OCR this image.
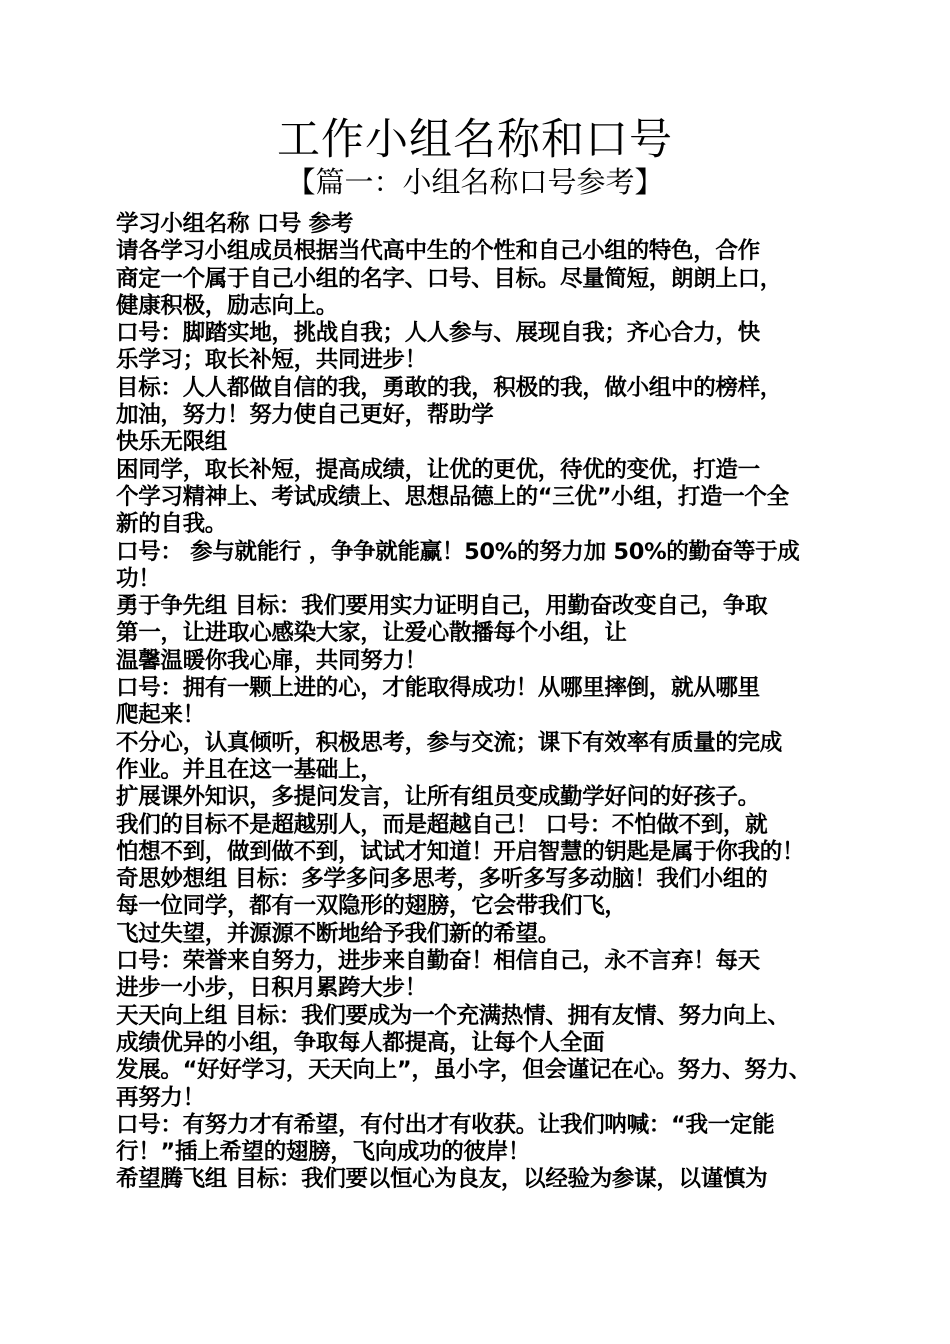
工作小组名称和口号
【篇一：小组名称口号参考】
学习小组名称 口号 参考
请各学习小组成员根据当代高中生的个性和自己小组的特色，合作
商定一个属于自己小组的名字、口号、目标。尽量简短，朗朗上口，
健康积极，励志向上。
口号：脚踏实地，挑战自我；人人参与、展现自我；齐心合力，快
乐学习；取长补短，共同进步！
目标：人人都做自信的我，勇敢的我，积极的我，做小组中的榜样，
加油，努力！努力使自己更好，帮助学
快乐无限组
困同学，取长补短，提高成绩，让优的更优，待优的变优，打造一
个学习精神上、考试成绩上、思想品德上的“三优”小组，打造一个全
新的自我。
口号： 参与就能行 ，争争就能赢！50%的努力加 50%的勤奋等于成
功！
勇于争先组 目标：我们要用实力证明自己，用勤奋改变自己，争取
第一，让进取心感染大家，让爱心散播每个小组，让
温馨温暖你我心扉，共同努力！
口号：拥有一颗上进的心，才能取得成功！从哪里摔倒，就从哪里
爬起来！
不分心，认真倾听，积极思考，参与交流；课下有效率有质量的完成
作业。并且在这一基础上，
扩展课外知识，多提问发言，让所有组员变成勤学好问的好孩子。
我们的目标不是超越别人，而是超越自己！ 口号：不怕做不到，就
怕想不到，做到做不到，试试才知道！开启智慧的钥匙是属于你我的！
奇思妙想组 目标：多学多问多思考，多听多写多动脑！我们小组的
每一位同学，都有一双隐形的翅膀，它会带我们飞，
飞过失望，并源源不断地给予我们新的希望。
口号：荣誉来自努力，进步来自勤奋！相信自己，永不言弃！每天
进步一小步，日积月累跨大步！
天天向上组 目标：我们要成为一个充满热情、拥有友情、努力向上、
成绩优异的小组，争取每人都提高，让每个人全面
发展。“好好学习，天天向上”，虽小字，但会谨记在心。努力、努力、
再努力！
口号：有努力才有希望，有付出才有收获。让我们呐喊：“我一定能
行！”插上希望的翅膀，飞向成功的彼岸！
希望腾飞组 目标：我们要以恒心为良友，以经验为参谋，以谨慎为
